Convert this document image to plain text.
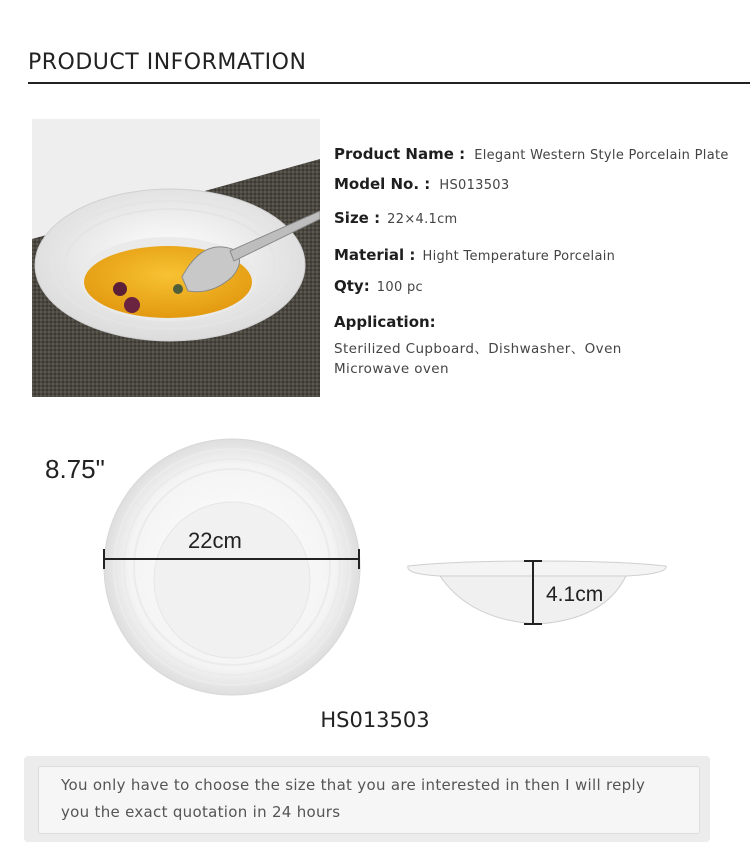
PRODUCT INFORMATION
Product Name : Elegant Western Style Porcelain Plate
Model No. : HS013503
Size : 22×4.1cm
Material : Hight Temperature Porcelain
Qty: 100 pc
Application:
Sterilized Cupboard、Dishwasher、Oven
Microwave oven
8.75"
22cm
4.1cm
HS013503
You only have to choose the size that you are interested in then I will reply
you the exact quotation in 24 hours
